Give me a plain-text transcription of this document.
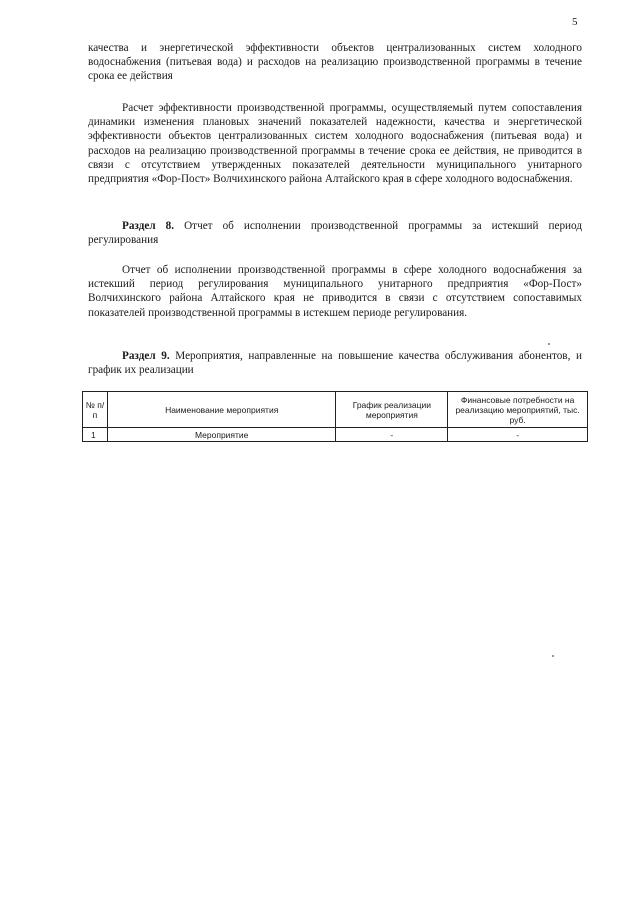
5
качества и энергетической эффективности объектов централизованных систем холодного водоснабжения (питьевая вода) и расходов на реализацию производственной программы в течение срока ее действия
Расчет эффективности производственной программы, осуществляемый путем сопоставления динамики изменения плановых значений показателей надежности, качества и энергетической эффективности объектов централизованных систем холодного водоснабжения (питьевая вода) и расходов на реализацию производственной программы в течение срока ее действия, не приводится в связи с отсутствием утвержденных показателей деятельности муниципального унитарного предприятия «Фор-Пост» Волчихинского района Алтайского края в сфере холодного водоснабжения.
Раздел 8. Отчет об исполнении производственной программы за истекший период регулирования
Отчет об исполнении производственной программы в сфере холодного водоснабжения за истекший период регулирования муниципального унитарного предприятия «Фор-Пост» Волчихинского района Алтайского края не приводится в связи с отсутствием сопоставимых показателей производственной программы в истекшем периоде регулирования.
Раздел 9. Мероприятия, направленные на повышение качества обслуживания абонентов, и график их реализации
№ п/п	Наименование мероприятия	График реализации мероприятия	Финансовые потребности на реализацию мероприятий, тыс. руб.
1	Мероприятие	-	-
